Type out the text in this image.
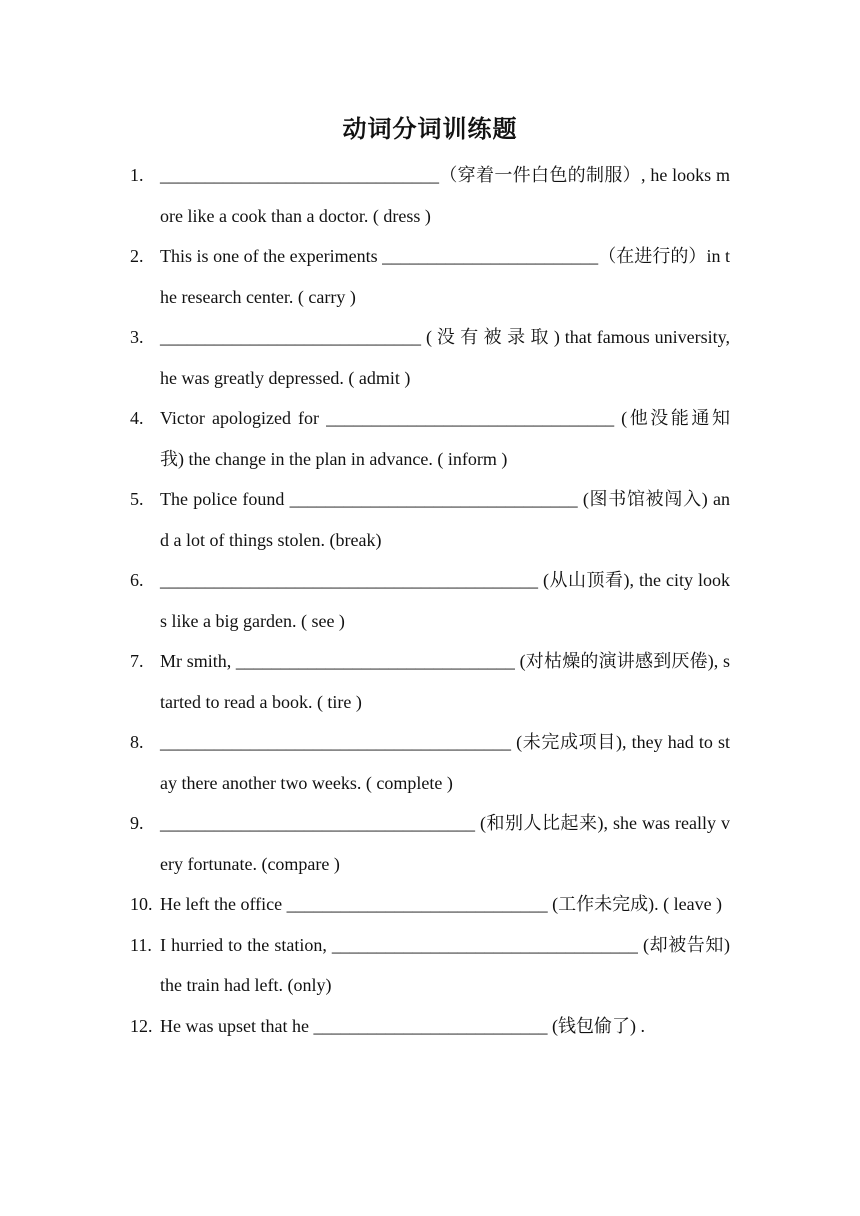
动词分词训练题
1. _______________________________（穿着一件白色的制服）, he looks more like a cook than a doctor. ( dress )
2. This is one of the experiments ________________________（在进行的）in the research center. ( carry )
3. _____________________________ ( 没 有 被 录 取 ) that famous university, he was greatly depressed. ( admit )
4. Victor apologized for ________________________________ (他没能通知我) the change in the plan in advance. ( inform )
5. The police found ________________________________ (图书馆被闯入) and a lot of things stolen. (break)
6. __________________________________________ (从山顶看), the city looks like a big garden. ( see )
7. Mr smith, _______________________________ (对枯燥的演讲感到厌倦), started to read a book. ( tire )
8. _______________________________________ (未完成项目), they had to stay there another two weeks. ( complete )
9. ___________________________________ (和别人比起来), she was really very fortunate. (compare )
10. He left the office _____________________________ (工作未完成). ( leave )
11. I hurried to the station, __________________________________ (却被告知) the train had left. (only)
12. He was upset that he __________________________ (钱包偷了) .
